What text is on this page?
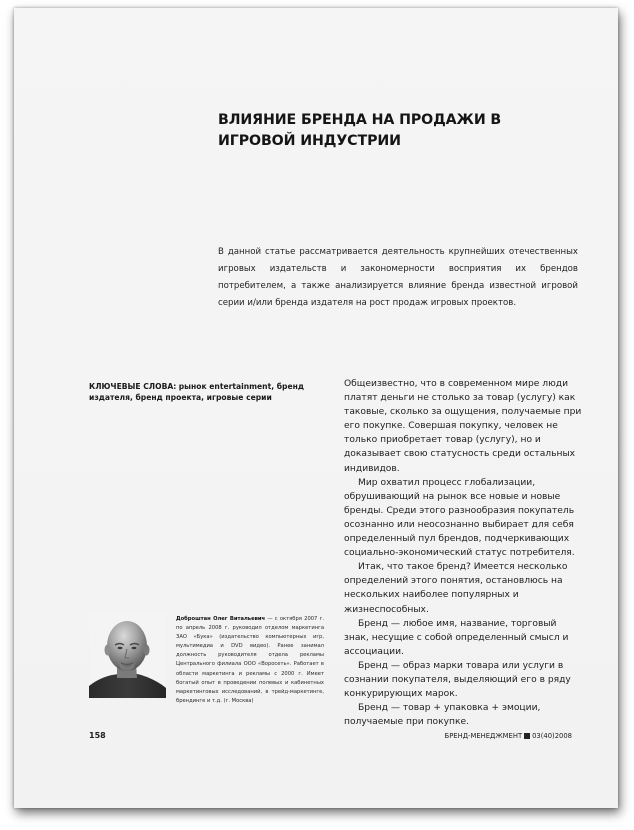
ВЛИЯНИЕ БРЕНДА НА ПРОДАЖИ В ИГРОВОЙ ИНДУСТРИИ

В данной статье рассматривается деятельность крупнейших отечественных игровых издательств и закономерности восприятия их брендов потребителем, а также анализируется влияние бренда известной игровой серии и/или бренда издателя на рост продаж игровых проектов.

КЛЮЧЕВЫЕ СЛОВА: рынок entertainment, бренд издателя, бренд проекта, игровые серии

Общеизвестно, что в современном мире люди платят деньги не столько за товар (услугу) как таковые, сколько за ощущения, получаемые при его покупке. Совершая покупку, человек не только приобретает товар (услугу), но и доказывает свою статусность среди остальных индивидов.

Мир охватил процесс глобализации, обрушивающий на рынок все новые и новые бренды. Среди этого разнообразия покупатель осознанно или неосознанно выбирает для себя определенный пул брендов, подчеркивающих социально-экономический статус потребителя.

Итак, что такое бренд? Имеется несколько определений этого понятия, остановлюсь на нескольких наиболее популярных и жизнеспособных.

Бренд — любое имя, название, торговый знак, несущие с собой определенный смысл и ассоциации.

Бренд — образ марки товара или услуги в сознании покупателя, выделяющий его в ряду конкурирующих марок.

Бренд — товар + упаковка + эмоции, получаемые при покупке.

Доброштан Олег Витальевич — с октября 2007 г. по апрель 2008 г. руководил отделом маркетинга ЗАО «Бука» (издательство компьютерных игр, мультимедиа и DVD видео). Ранее занимал должность руководителя отдела рекламы Центрального филиала ООО «Воросеть». Работает в области маркетинга и рекламы с 2000 г. Имеет богатый опыт в проведении полевых и кабинетных маркетинговых исследований, в трейд-маркетинге, брендинге и т.д. (г. Москва)

158	БРЕНД-МЕНЕДЖМЕНТ 03(40)2008
